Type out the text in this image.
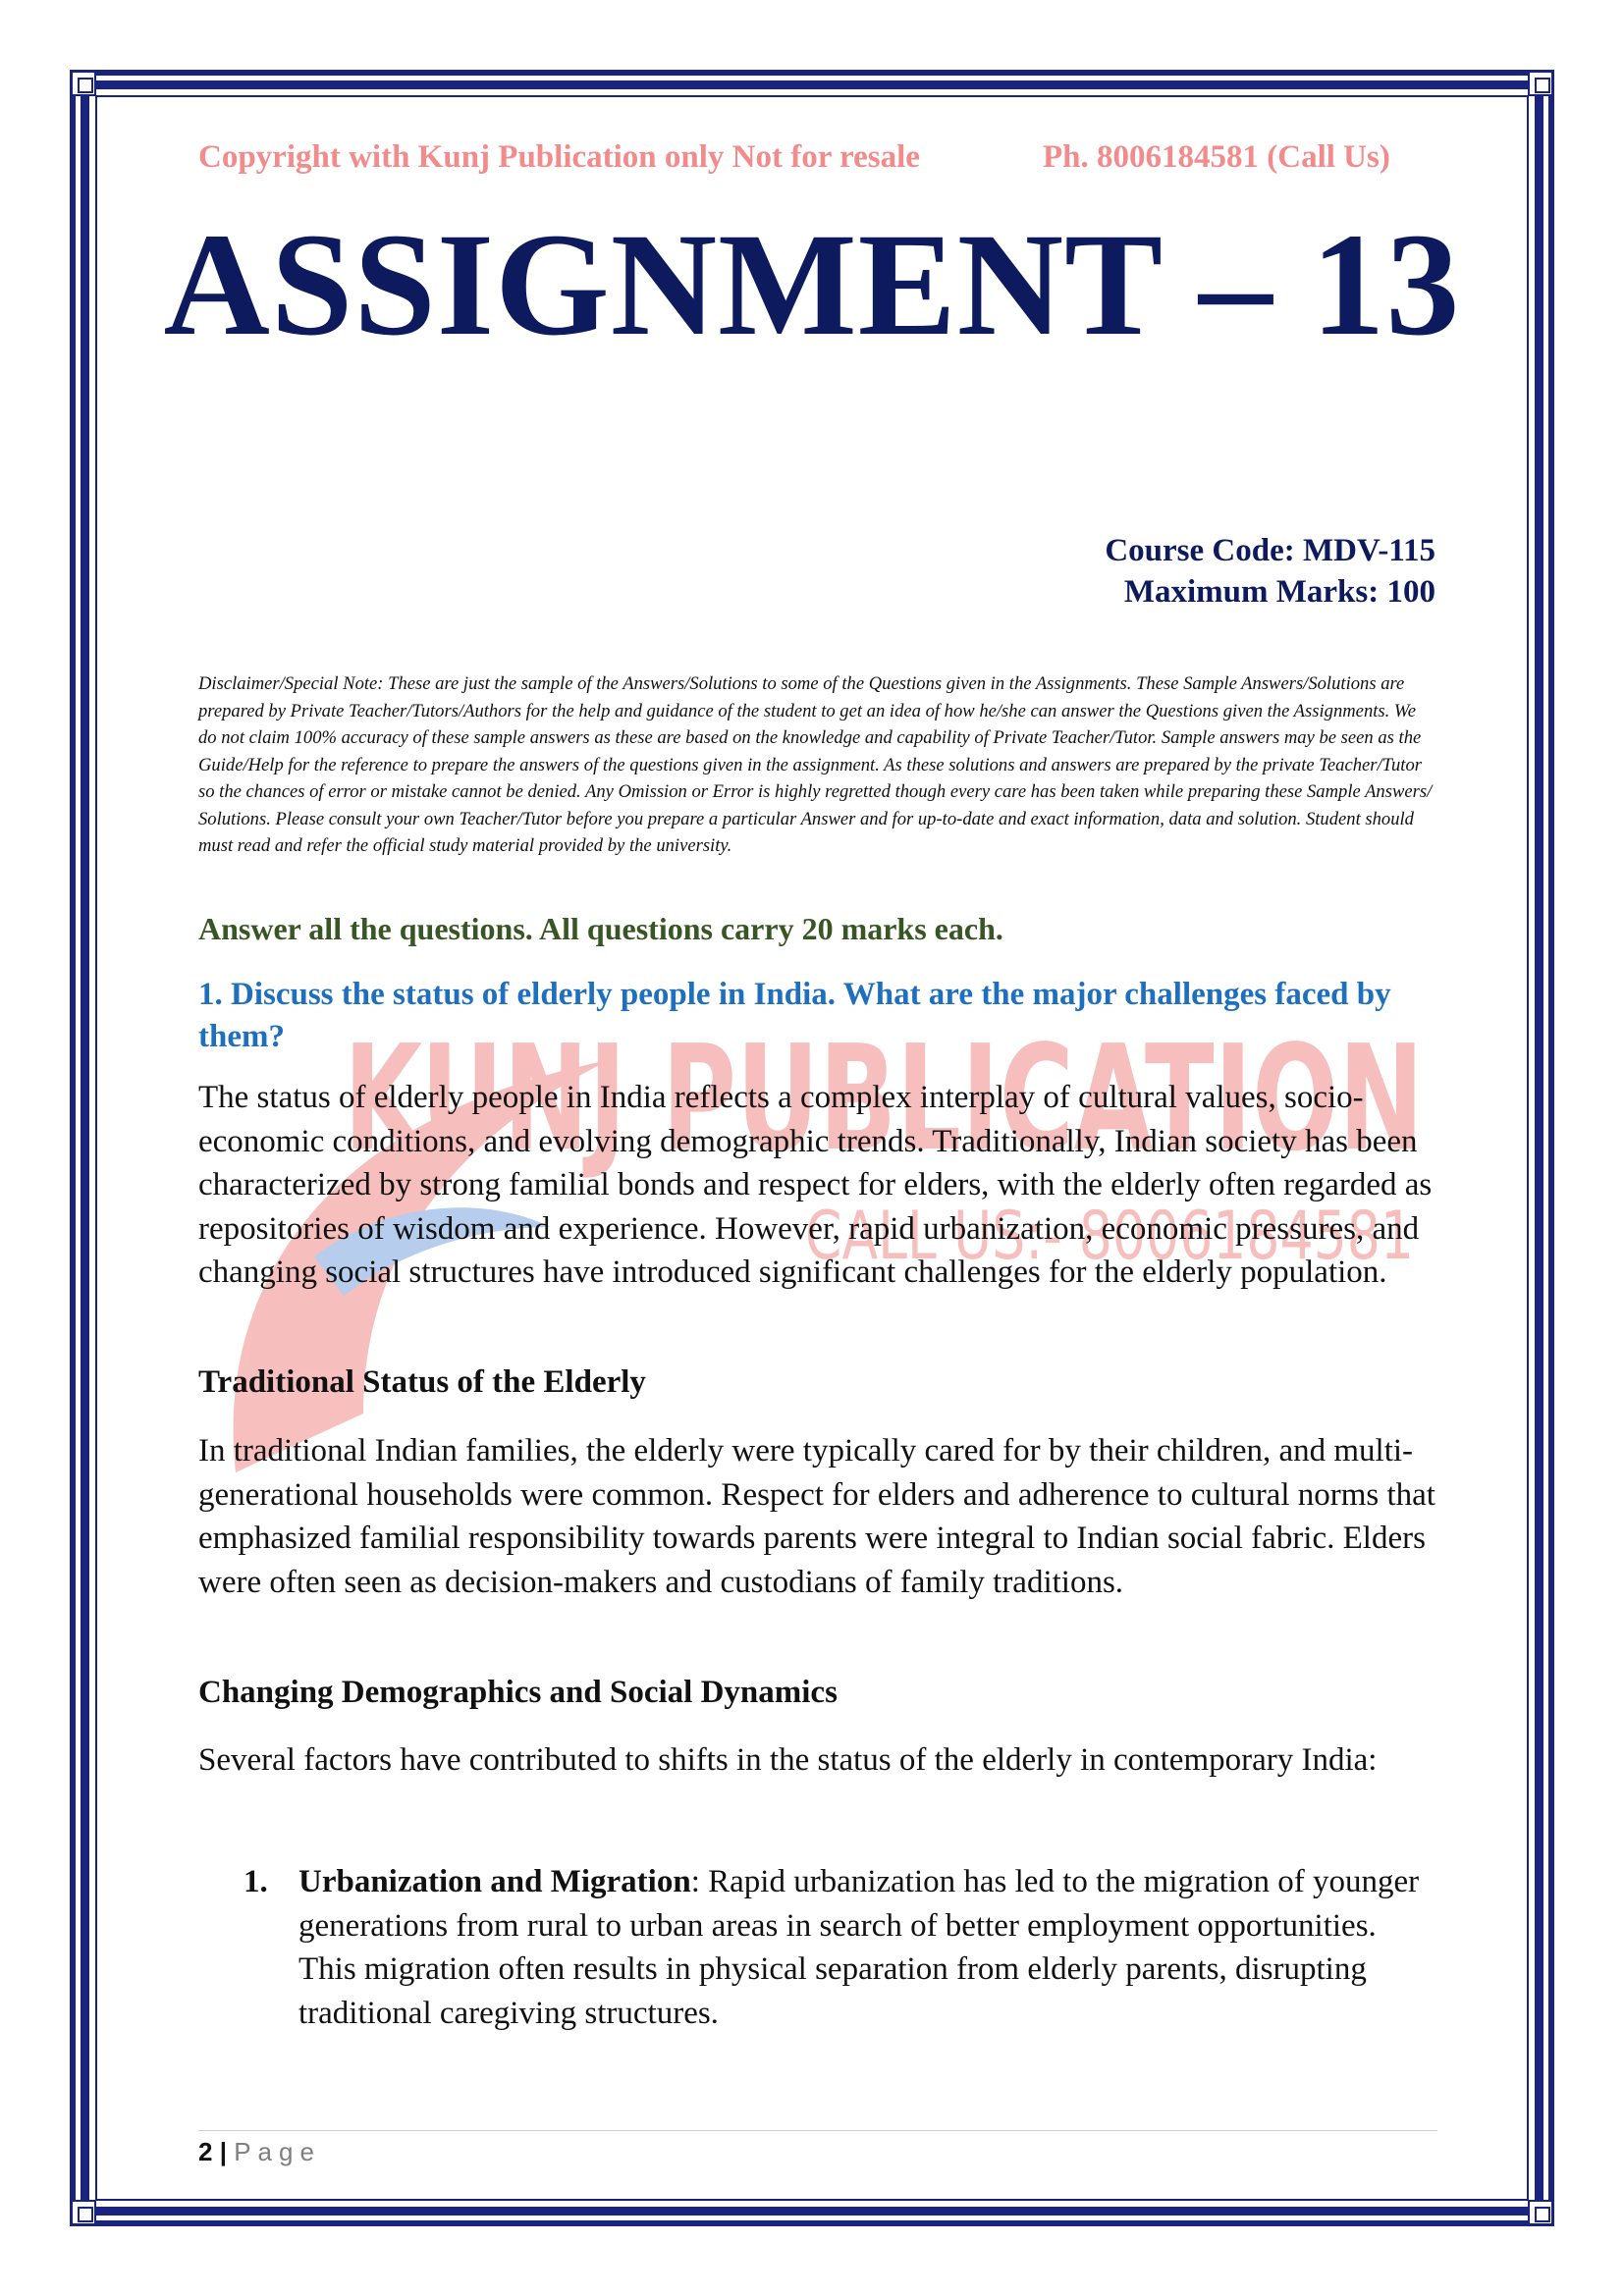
KUNJ PUBLICATION
CALL US:- 8006184581
Copyright with Kunj Publication only Not for resale	Ph. 8006184581 (Call Us)
ASSIGNMENT – 13
Course Code: MDV-115
Maximum Marks: 100
Disclaimer/Special Note: These are just the sample of the Answers/Solutions to some of the Questions given in the Assignments. These Sample Answers/Solutions are prepared by Private Teacher/Tutors/Authors for the help and guidance of the student to get an idea of how he/she can answer the Questions given the Assignments. We do not claim 100% accuracy of these sample answers as these are based on the knowledge and capability of Private Teacher/Tutor. Sample answers may be seen as the Guide/Help for the reference to prepare the answers of the questions given in the assignment. As these solutions and answers are prepared by the private Teacher/Tutor so the chances of error or mistake cannot be denied. Any Omission or Error is highly regretted though every care has been taken while preparing these Sample Answers/ Solutions. Please consult your own Teacher/Tutor before you prepare a particular Answer and for up-to-date and exact information, data and solution. Student should must read and refer the official study material provided by the university.
Answer all the questions. All questions carry 20 marks each.
1. Discuss the status of elderly people in India. What are the major challenges faced by them?
The status of elderly people in India reflects a complex interplay of cultural values, socio-economic conditions, and evolving demographic trends. Traditionally, Indian society has been characterized by strong familial bonds and respect for elders, with the elderly often regarded as repositories of wisdom and experience. However, rapid urbanization, economic pressures, and changing social structures have introduced significant challenges for the elderly population.
Traditional Status of the Elderly
In traditional Indian families, the elderly were typically cared for by their children, and multi-generational households were common. Respect for elders and adherence to cultural norms that emphasized familial responsibility towards parents were integral to Indian social fabric. Elders were often seen as decision-makers and custodians of family traditions.
Changing Demographics and Social Dynamics
Several factors have contributed to shifts in the status of the elderly in contemporary India:
1. Urbanization and Migration: Rapid urbanization has led to the migration of younger generations from rural to urban areas in search of better employment opportunities. This migration often results in physical separation from elderly parents, disrupting traditional caregiving structures.
2 | Page
